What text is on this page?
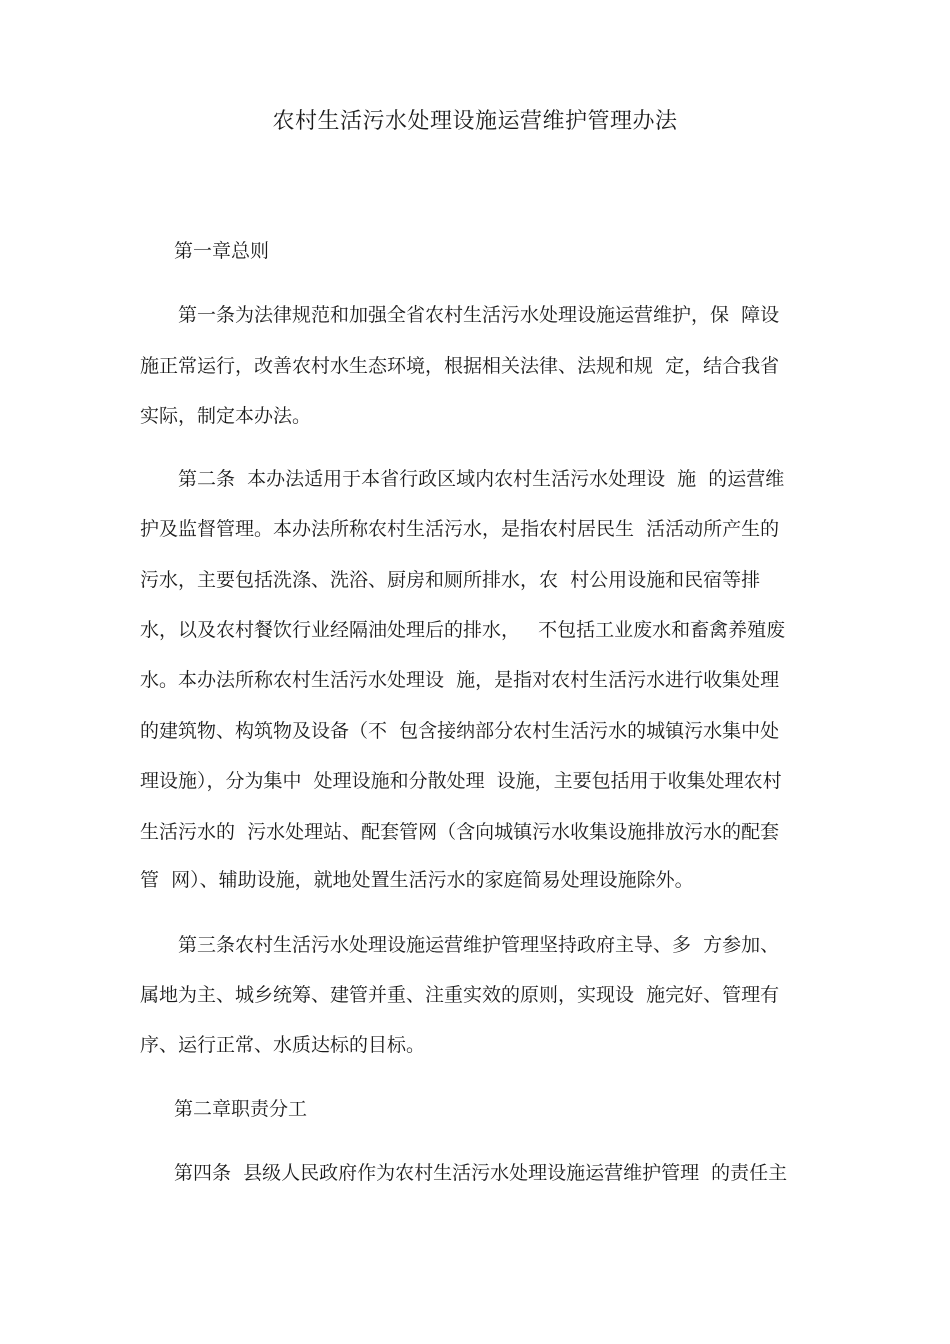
农村生活污水处理设施运营维护管理办法

第一章总则

第一条为法律规范和加强全省农村生活污水处理设施运营维护，保  障设

施正常运行，改善农村水生态环境，根据相关法律、法规和规  定，结合我省

实际，制定本办法。

第二条  本办法适用于本省行政区域内农村生活污水处理设  施  的运营维

护及监督管理。本办法所称农村生活污水，是指农村居民生  活活动所产生的

污水，主要包括洗涤、洗浴、厨房和厕所排水，农  村公用设施和民宿等排

水，以及农村餐饮行业经隔油处理后的排水，   不包括工业废水和畜禽养殖废

水。本办法所称农村生活污水处理设  施，是指对农村生活污水进行收集处理

的建筑物、构筑物及设备（不  包含接纳部分农村生活污水的城镇污水集中处

理设施），分为集中  处理设施和分散处理  设施，主要包括用于收集处理农村

生活污水的  污水处理站、配套管网（含向城镇污水收集设施排放污水的配套

管  网）、辅助设施，就地处置生活污水的家庭简易处理设施除外。

第三条农村生活污水处理设施运营维护管理坚持政府主导、多  方参加、

属地为主、城乡统筹、建管并重、注重实效的原则，实现设  施完好、管理有

序、运行正常、水质达标的目标。

第二章职责分工

第四条  县级人民政府作为农村生活污水处理设施运营维护管理  的责任主
